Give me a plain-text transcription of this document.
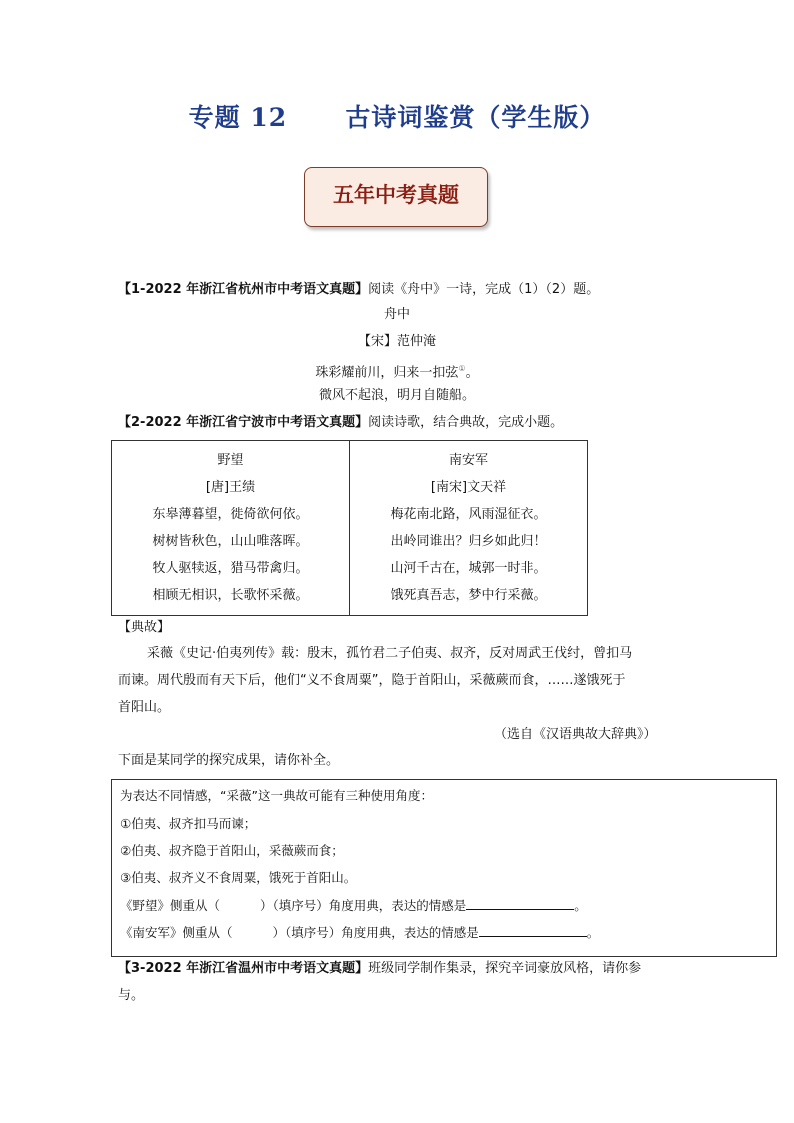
专题 12      古诗词鉴赏（学生版）
五年中考真题
【1-2022 年浙江省杭州市中考语文真题】阅读《舟中》一诗，完成（1）（2）题。
舟中
【宋】范仲淹
珠彩耀前川，归来一扣弦①。
微风不起浪，明月自随船。
【2-2022 年浙江省宁波市中考语文真题】阅读诗歌，结合典故，完成小题。
野望
[唐]王绩
东皋薄暮望，徙倚欲何依。
树树皆秋色，山山唯落晖。
牧人驱犊返，猎马带禽归。
相顾无相识，长歌怀采薇。

南安军
[南宋]文天祥
梅花南北路，风雨湿征衣。
出岭同谁出？归乡如此归！
山河千古在，城郭一时非。
饿死真吾志，梦中行采薇。
【典故】
采薇《史记·伯夷列传》载：殷末，孤竹君二子伯夷、叔齐，反对周武王伐纣，曾扣马
而谏。周代殷而有天下后，他们“义不食周粟”，隐于首阳山，采薇蕨而食，……遂饿死于
首阳山。
（选自《汉语典故大辞典》）
下面是某同学的探究成果，请你补全。
为表达不同情感，“采薇”这一典故可能有三种使用角度：
①伯夷、叔齐扣马而谏；
②伯夷、叔齐隐于首阳山，采薇蕨而食；
③伯夷、叔齐义不食周粟，饿死于首阳山。
《野望》侧重从（	）（填序号）角度用典，表达的情感是	。
《南安军》侧重从（	）（填序号）角度用典，表达的情感是	。
【3-2022 年浙江省温州市中考语文真题】班级同学制作集录，探究辛词豪放风格，请你参
与。
